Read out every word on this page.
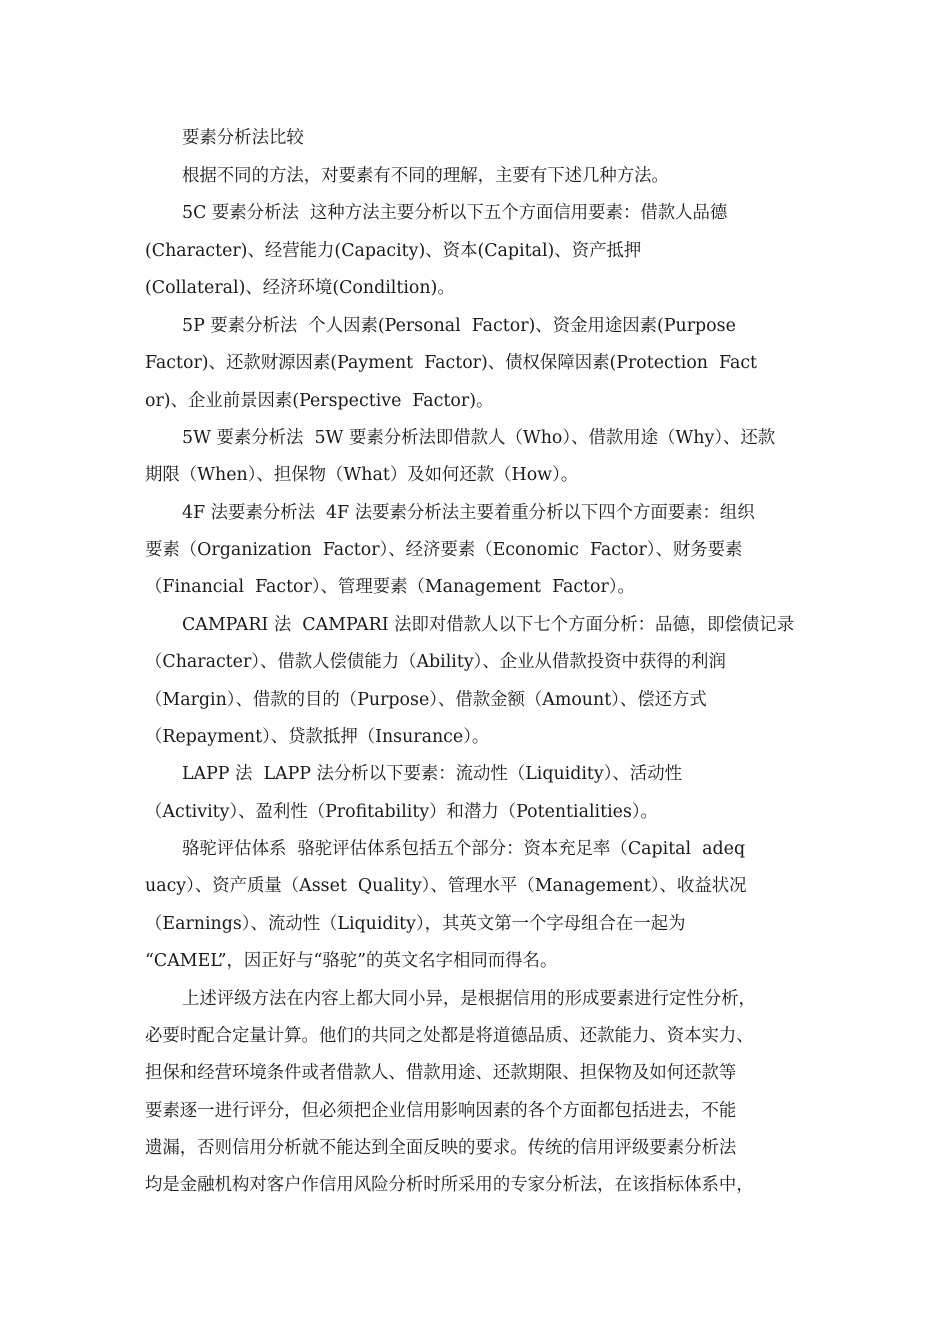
要素分析法比较
根据不同的方法，对要素有不同的理解，主要有下述几种方法。
5C 要素分析法  这种方法主要分析以下五个方面信用要素：借款人品德
(Character)、经营能力(Capacity)、资本(Capital)、资产抵押
(Collateral)、经济环境(Condiltion)。
5P 要素分析法  个人因素(Personal  Factor)、资金用途因素(Purpose
Factor)、还款财源因素(Payment  Factor)、债权保障因素(Protection  Fact
or)、企业前景因素(Perspective  Factor)。
5W 要素分析法  5W 要素分析法即借款人（Who）、借款用途（Why）、还款
期限（When）、担保物（What）及如何还款（How）。
4F 法要素分析法  4F 法要素分析法主要着重分析以下四个方面要素：组织
要素（Organization  Factor）、经济要素（Economic  Factor）、财务要素
（Financial  Factor）、管理要素（Management  Factor）。
CAMPARI 法  CAMPARI 法即对借款人以下七个方面分析：品德，即偿债记录
（Character）、借款人偿债能力（Ability）、企业从借款投资中获得的利润
（Margin）、借款的目的（Purpose）、借款金额（Amount）、偿还方式
（Repayment）、贷款抵押（Insurance）。
LAPP 法  LAPP 法分析以下要素：流动性（Liquidity）、活动性
（Activity）、盈利性（Profitability）和潜力（Potentialities）。
骆驼评估体系  骆驼评估体系包括五个部分：资本充足率（Capital  adeq
uacy）、资产质量（Asset  Quality）、管理水平（Management）、收益状况
（Earnings）、流动性（Liquidity），其英文第一个字母组合在一起为
“CAMEL”，因正好与“骆驼”的英文名字相同而得名。
上述评级方法在内容上都大同小异，是根据信用的形成要素进行定性分析，
必要时配合定量计算。他们的共同之处都是将道德品质、还款能力、资本实力、
担保和经营环境条件或者借款人、借款用途、还款期限、担保物及如何还款等
要素逐一进行评分，但必须把企业信用影响因素的各个方面都包括进去，不能
遗漏，否则信用分析就不能达到全面反映的要求。传统的信用评级要素分析法
均是金融机构对客户作信用风险分析时所采用的专家分析法，在该指标体系中，
